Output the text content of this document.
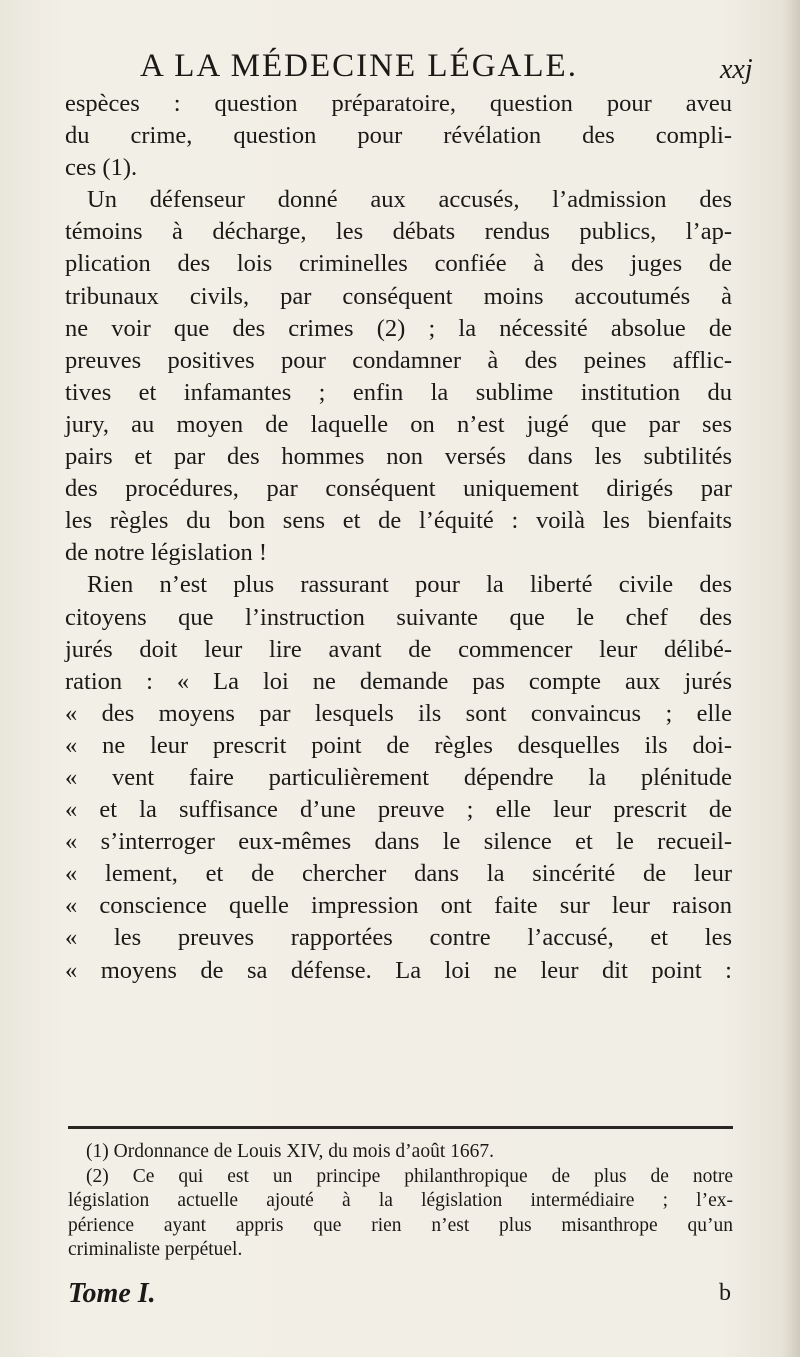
A LA MÉDECINE LÉGALE.	xxj
espèces : question préparatoire, question pour aveu
du crime, question pour révélation des compli-
ces (1).
Un défenseur donné aux accusés, l’admission des
témoins à décharge, les débats rendus publics, l’ap-
plication des lois criminelles confiée à des juges de
tribunaux civils, par conséquent moins accoutumés à
ne voir que des crimes (2) ; la nécessité absolue de
preuves positives pour condamner à des peines afflic-
tives et infamantes ; enfin la sublime institution du
jury, au moyen de laquelle on n’est jugé que par ses
pairs et par des hommes non versés dans les subtilités
des procédures, par conséquent uniquement dirigés par
les règles du bon sens et de l’équité : voilà les bienfaits
de notre législation !
Rien n’est plus rassurant pour la liberté civile des
citoyens que l’instruction suivante que le chef des
jurés doit leur lire avant de commencer leur délibé-
ration : « La loi ne demande pas compte aux jurés
« des moyens par lesquels ils sont convaincus ; elle
« ne leur prescrit point de règles desquelles ils doi-
« vent faire particulièrement dépendre la plénitude
« et la suffisance d’une preuve ; elle leur prescrit de
« s’interroger eux-mêmes dans le silence et le recueil-
« lement, et de chercher dans la sincérité de leur
« conscience quelle impression ont faite sur leur raison
« les preuves rapportées contre l’accusé, et les
« moyens de sa défense. La loi ne leur dit point :
(1) Ordonnance de Louis XIV, du mois d’août 1667.
(2) Ce qui est un principe philanthropique de plus de notre
législation actuelle ajouté à la législation intermédiaire ; l’ex-
périence ayant appris que rien n’est plus misanthrope qu’un
criminaliste perpétuel.
Tome I.	b
